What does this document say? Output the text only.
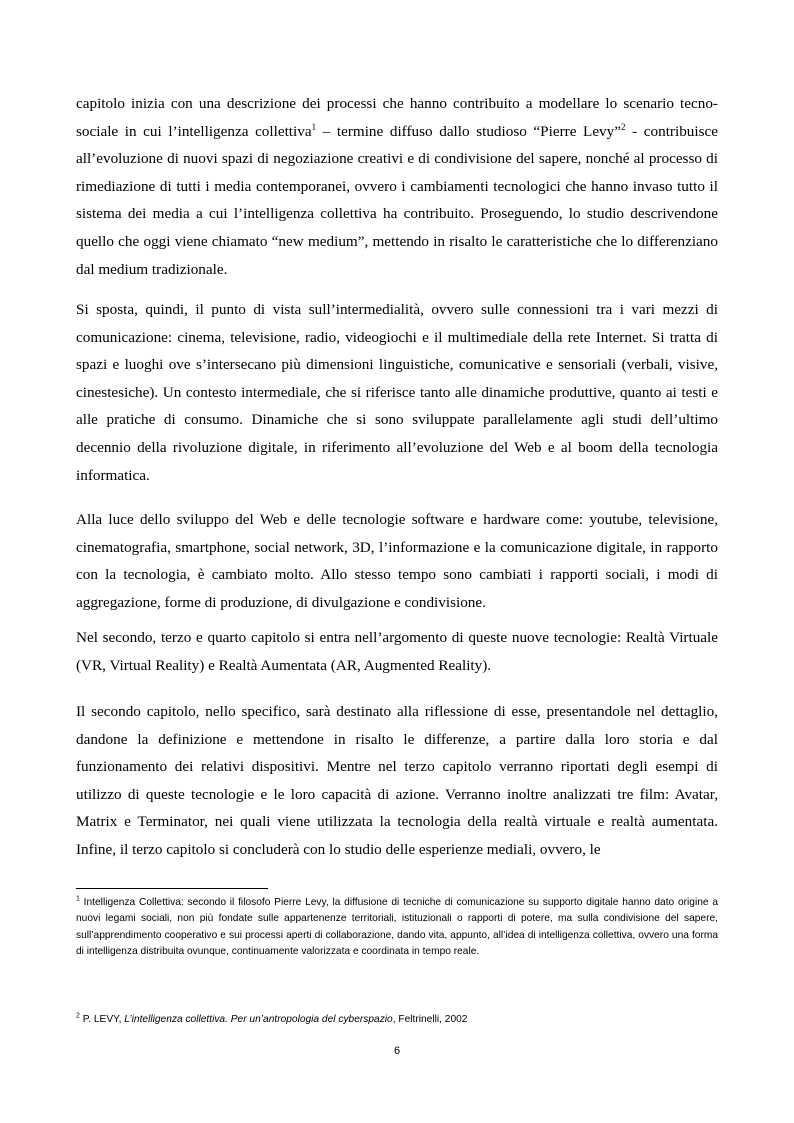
capitolo inizia con una descrizione dei processi che hanno contribuito a modellare lo scenario tecno-sociale in cui l’intelligenza collettiva$^1$ – termine diffuso dallo studioso “Pierre Levy”$^2$ - contribuisce all’evoluzione di nuovi spazi di negoziazione creativi e di condivisione del sapere, nonché al processo di rimediazione di tutti i media contemporanei, ovvero i cambiamenti tecnologici che hanno invaso tutto il sistema dei media a cui l’intelligenza collettiva ha contribuito. Proseguendo, lo studio descrivendone quello che oggi viene chiamato “new medium”, mettendo in risalto le caratteristiche che lo differenziano dal medium tradizionale.

Si sposta, quindi, il punto di vista sull’intermedialità, ovvero sulle connessioni tra i vari mezzi di comunicazione: cinema, televisione, radio, videogiochi e il multimediale della rete Internet. Si tratta di spazi e luoghi ove s’intersecano più dimensioni linguistiche, comunicative e sensoriali (verbali, visive, cinestesiche). Un contesto intermediale, che si riferisce tanto alle dinamiche produttive, quanto ai testi e alle pratiche di consumo. Dinamiche che si sono sviluppate parallelamente agli studi dell’ultimo decennio della rivoluzione digitale, in riferimento all’evoluzione del Web e al boom della tecnologia informatica.

Alla luce dello sviluppo del Web e delle tecnologie software e hardware come: youtube, televisione, cinematografia, smartphone, social network, 3D, l’informazione e la comunicazione digitale, in rapporto con la tecnologia, è cambiato molto. Allo stesso tempo sono cambiati i rapporti sociali, i modi di aggregazione, forme di produzione, di divulgazione e condivisione.

Nel secondo, terzo e quarto capitolo si entra nell’argomento di queste nuove tecnologie: Realtà Virtuale (VR, Virtual Reality) e Realtà Aumentata (AR, Augmented Reality).

Il secondo capitolo, nello specifico, sarà destinato alla riflessione di esse, presentandole nel dettaglio, dandone la definizione e mettendone in risalto le differenze, a partire dalla loro storia e dal funzionamento dei relativi dispositivi. Mentre nel terzo capitolo verranno riportati degli esempi di utilizzo di queste tecnologie e le loro capacità di azione. Verranno inoltre analizzati tre film: Avatar, Matrix e Terminator, nei quali viene utilizzata la tecnologia della realtà virtuale e realtà aumentata. Infine, il terzo capitolo si concluderà con lo studio delle esperienze mediali, ovvero, le

$^1$ Intelligenza Collettiva: secondo il filosofo Pierre Levy, la diffusione di tecniche di comunicazione su supporto digitale hanno dato origine a nuovi legami sociali, non più fondate sulle appartenenze territoriali, istituzionali o rapporti di potere, ma sulla condivisione del sapere, sull’apprendimento cooperativo e sui processi aperti di collaborazione, dando vita, appunto, all’idea di intelligenza collettiva, ovvero una forma di intelligenza distribuita ovunque, continuamente valorizzata e coordinata in tempo reale.

$^2$ P. LEVY, L’intelligenza collettiva. Per un’antropologia del cyberspazio, Feltrinelli, 2002

6
